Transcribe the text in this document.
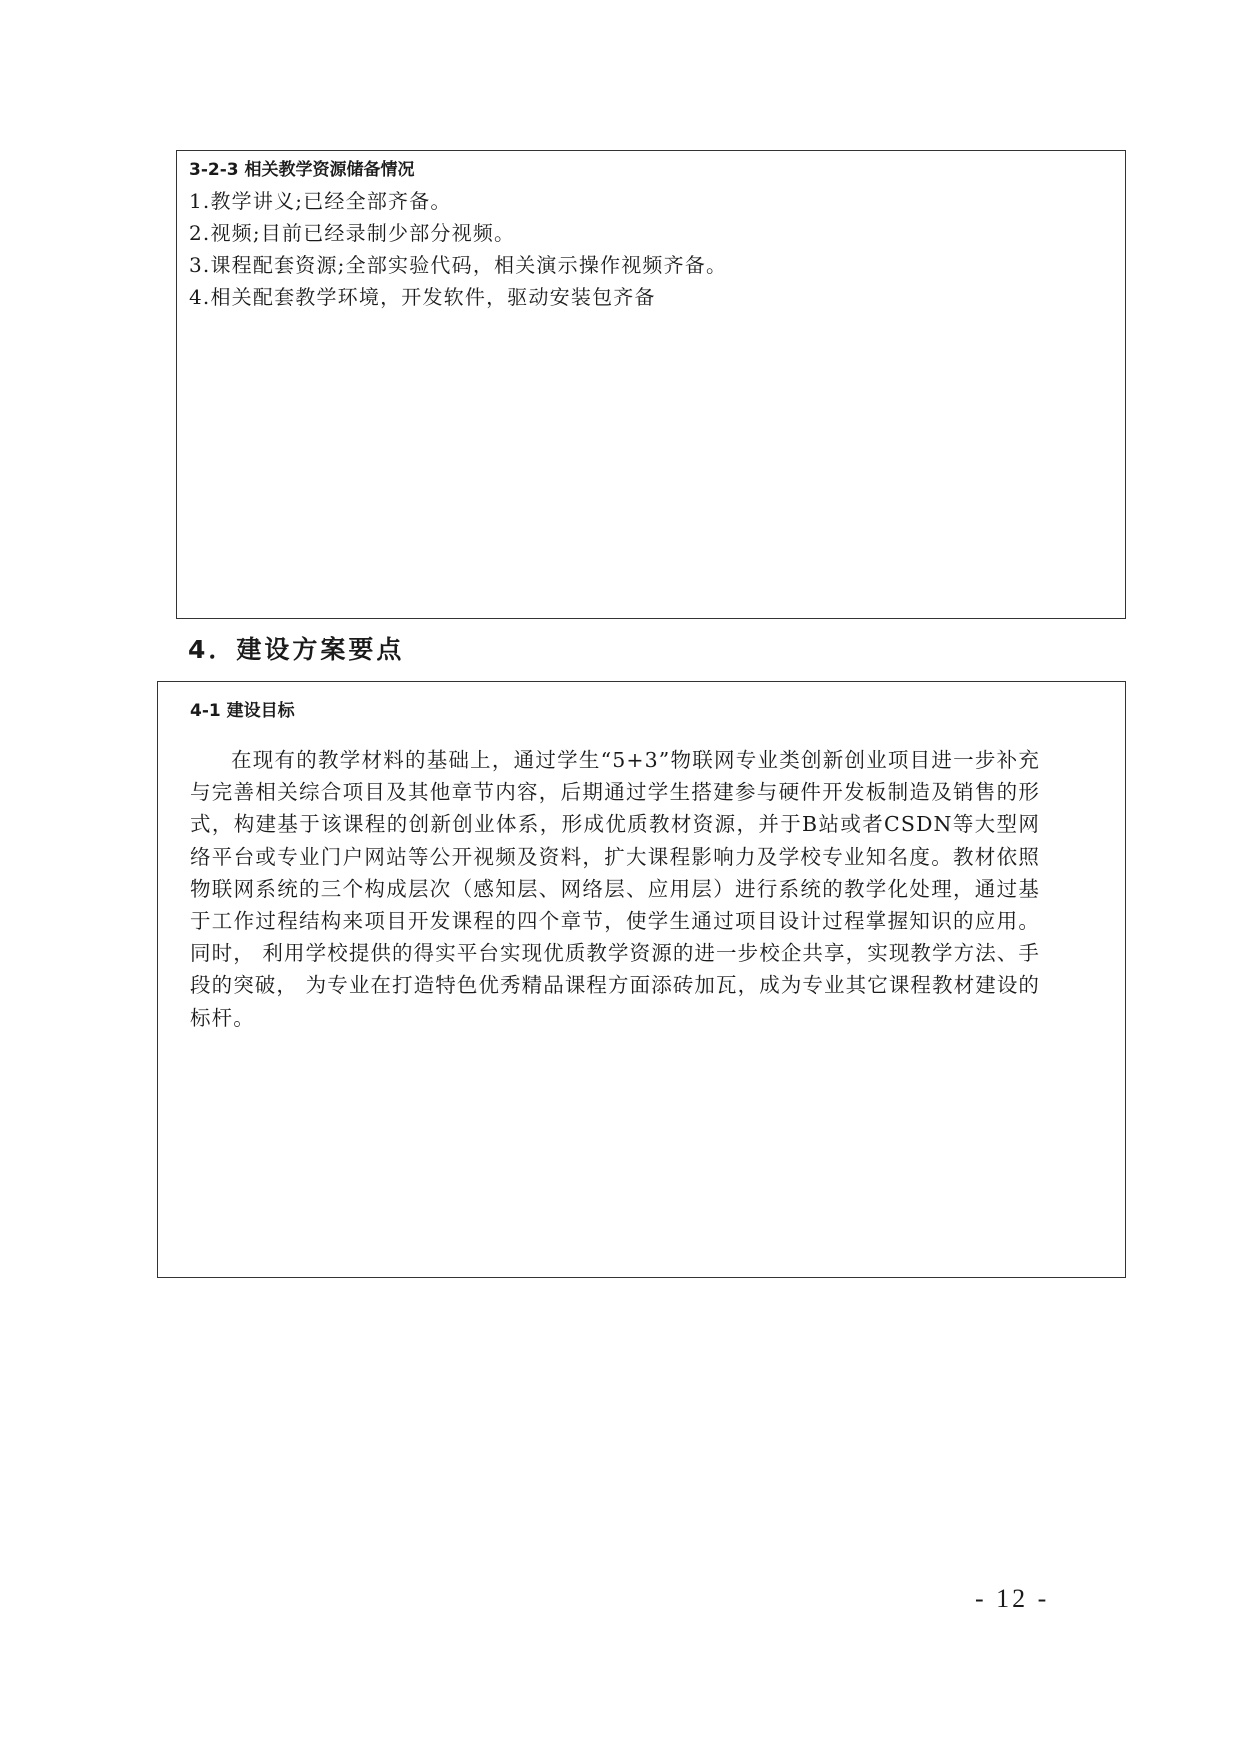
3-2-3 相关教学资源储备情况

1.教学讲义;已经全部齐备。
2.视频;目前已经录制少部分视频。
3.课程配套资源;全部实验代码，相关演示操作视频齐备。
4.相关配套教学环境，开发软件，驱动安装包齐备
4．建设方案要点

4-1 建设目标

在现有的教学材料的基础上，通过学生“5+3”物联网专业类创新创业项目进一步补充与完善相关综合项目及其他章节内容，后期通过学生搭建参与硬件开发板制造及销售的形式，构建基于该课程的创新创业体系，形成优质教材资源，并于B站或者CSDN等大型网络平台或专业门户网站等公开视频及资料，扩大课程影响力及学校专业知名度。教材依照物联网系统的三个构成层次（感知层、网络层、应用层）进行系统的教学化处理，通过基于工作过程结构来项目开发课程的四个章节，使学生通过项目设计过程掌握知识的应用。同时， 利用学校提供的得实平台实现优质教学资源的进一步校企共享，实现教学方法、手段的突破， 为专业在打造特色优秀精品课程方面添砖加瓦，成为专业其它课程教材建设的标杆。

- 12 -
